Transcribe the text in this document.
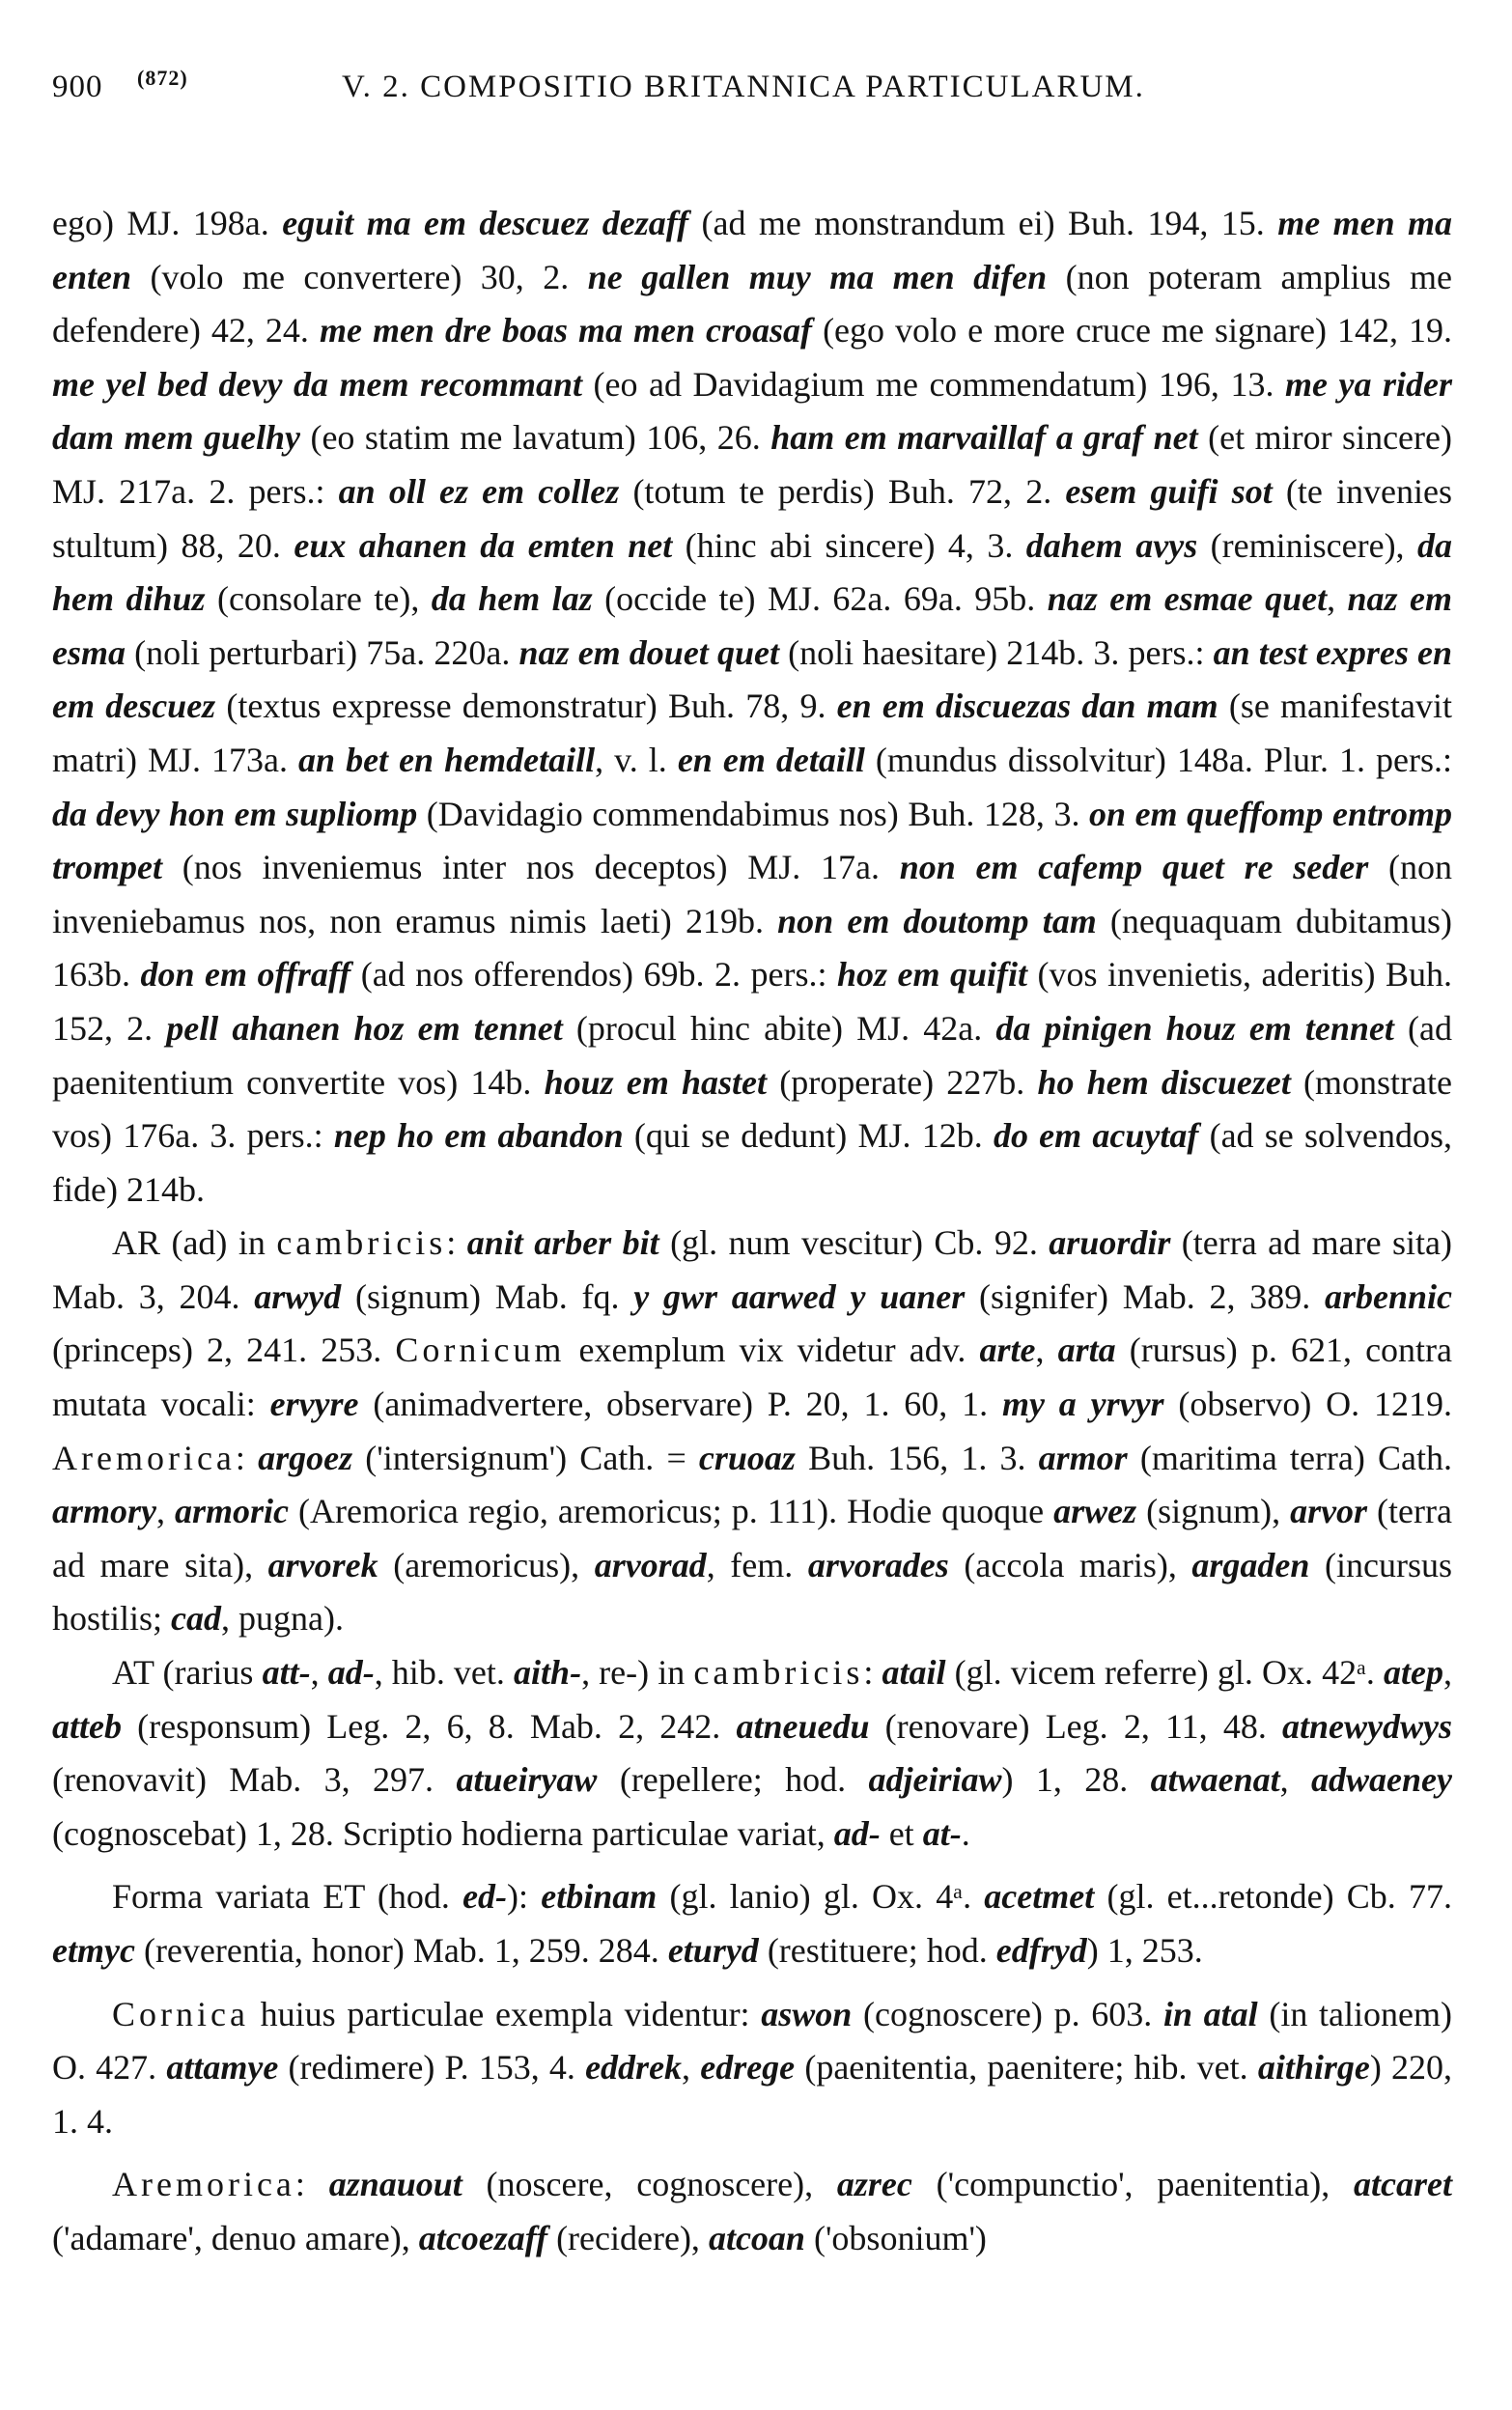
900 (872)	V. 2. COMPOSITIO BRITANNICA PARTICULARUM.

ego) MJ. 198a. eguit ma em descuez dezaff (ad me monstrandum ei) Buh. 194, 15. me men ma enten (volo me convertere) 30, 2. ne gallen muy ma men difen (non poteram amplius me defendere) 42, 24. me men dre boas ma men croasaf (ego volo e more cruce me signare) 142, 19. me yel bed devy da mem recommant (eo ad Davidagium me commendatum) 196, 13. me ya rider dam mem guelhy (eo statim me lavatum) 106, 26. ham em marvaillaf a graf net (et miror sincere) MJ. 217a. 2. pers.: an oll ez em collez (totum te perdis) Buh. 72, 2. esem guifi sot (te invenies stultum) 88, 20. eux ahanen da emten net (hinc abi sincere) 4, 3. dahem avys (reminiscere), da hem dihuz (consolare te), da hem laz (occide te) MJ. 62a. 69a. 95b. naz em esmae quet, naz em esma (noli perturbari) 75a. 220a. naz em douet quet (noli haesitare) 214b. 3. pers.: an test expres en em descuez (textus expresse demonstratur) Buh. 78, 9. en em discuezas dan mam (se manifestavit matri) MJ. 173a. an bet en hemdetaill, v. l. en em detaill (mundus dissolvitur) 148a. Plur. 1. pers.: da devy hon em supliomp (Davidagio commendabimus nos) Buh. 128, 3. on em queffomp entromp trompet (nos inveniemus inter nos deceptos) MJ. 17a. non em cafemp quet re seder (non inveniebamus nos, non eramus nimis laeti) 219b. non em doutomp tam (nequaquam dubitamus) 163b. don em offraff (ad nos offerendos) 69b. 2. pers.: hoz em quifit (vos invenietis, aderitis) Buh. 152, 2. pell ahanen hoz em tennet (procul hinc abite) MJ. 42a. da pinigen houz em tennet (ad paenitentium convertite vos) 14b. houz em hastet (properate) 227b. ho hem discuezet (monstrate vos) 176a. 3. pers.: nep ho em abandon (qui se dedunt) MJ. 12b. do em acuytaf (ad se solvendos, fide) 214b.

AR (ad) in cambricis: anit arber bit (gl. num vescitur) Cb. 92. aruordir (terra ad mare sita) Mab. 3, 204. arwyd (signum) Mab. fq. y gwr aarwed y uaner (signifer) Mab. 2, 389. arbennic (princeps) 2, 241. 253. Cornicum exemplum vix videtur adv. arte, arta (rursus) p. 621, contra mutata vocali: ervyre (animadvertere, observare) P. 20, 1. 60, 1. my a yrvyr (observo) O. 1219. Aremorica: argoez ('intersignum') Cath. = cruoaz Buh. 156, 1. 3. armor (maritima terra) Cath. armory, armoric (Aremorica regio, aremoricus; p. 111). Hodie quoque arwez (signum), arvor (terra ad mare sita), arvorek (aremoricus), arvorad, fem. arvorades (accola maris), argaden (incursus hostilis; cad, pugna).

AT (rarius att-, ad-, hib. vet. aith-, re-) in cambricis: atail (gl. vicem referre) gl. Ox. 42ᵃ. atep, atteb (responsum) Leg. 2, 6, 8. Mab. 2, 242. atneuedu (renovare) Leg. 2, 11, 48. atnewydwys (renovavit) Mab. 3, 297. atueiryaw (repellere; hod. adjeiriaw) 1, 28. atwaenat, adwaeney (cognoscebat) 1, 28. Scriptio hodierna particulae variat, ad- et at-.

Forma variata ET (hod. ed-): etbinam (gl. lanio) gl. Ox. 4ᵃ. acetmet (gl. et...retonde) Cb. 77. etmyc (reverentia, honor) Mab. 1, 259. 284. eturyd (restituere; hod. edfryd) 1, 253.

Cornica huius particulae exempla videntur: aswon (cognoscere) p. 603. in atal (in talionem) O. 427. attamye (redimere) P. 153, 4. eddrek, edrege (paenitentia, paenitere; hib. vet. aithirge) 220, 1. 4.

Aremorica: aznauout (noscere, cognoscere), azrec ('compunctio', paenitentia), atcaret ('adamare', denuo amare), atcoezaff (recidere), atcoan ('obsonium')
